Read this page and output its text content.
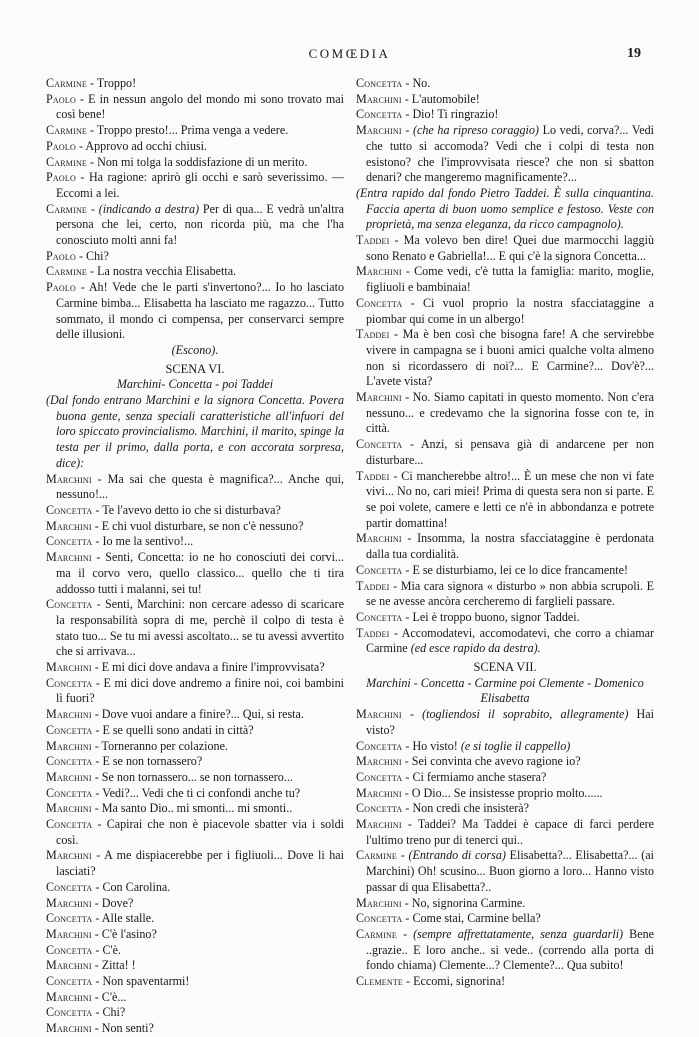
COMŒDIA	19
Carmine - Troppo!
Paolo - E in nessun angolo del mondo mi sono trovato mai così bene!
Carmine - Troppo presto!... Prima venga a vedere.
Paolo - Approvo ad occhi chiusi.
Carmine - Non mi tolga la soddisfazione di un merito.
Paolo - Ha ragione: aprirò gli occhi e sarò severissimo. — Eccomi a lei.
Carmine - (indicando a destra) Per di qua... E vedrà un'altra persona che lei, certo, non ricorda più, ma che l'ha conosciuto molti anni fa!
Paolo - Chi?
Carmine - La nostra vecchia Elisabetta.
Paolo - Ah! Vede che le parti s'invertono?... Io ho lasciato Carmine bimba... Elisabetta ha lasciato me ragazzo... Tutto sommato, il mondo ci compensa, per conservarci sempre delle illusioni.
(Escono).
SCENA VI.
Marchini- Concetta - poi Taddei
(Dal fondo entrano Marchini e la signora Concetta. Povera buona gente, senza speciali caratteristiche all'infuori del loro spiccato provincialismo. Marchini, il marito, spinge la testa per il primo, dalla porta, e con accorata sorpresa, dice):
Marchini - Ma sai che questa è magnifica?... Anche qui, nessuno!...
Concetta - Te l'avevo detto io che si disturbava?
Marchini - E chi vuol disturbare, se non c'è nessuno?
Concetta - Io me la sentivo!...
Marchini - Senti, Concetta: io ne ho conosciuti dei corvi... ma il corvo vero, quello classico... quello che ti tira addosso tutti i malanni, sei tu!
Concetta - Senti, Marchini: non cercare adesso di scaricare la responsabilità sopra di me, perchè il colpo di testa è stato tuo... Se tu mi avessi ascoltato... se tu avessi avvertito che si arrivava...
Marchini - E mi dici dove andava a finire l'improvvisata?
Concetta - E mi dici dove andremo a finire noi, coi bambini lì fuori?
Marchini - Dove vuoi andare a finire?... Qui, si resta.
Concetta - E se quelli sono andati in città?
Marchini - Torneranno per colazione.
Concetta - E se non tornassero?
Marchini - Se non tornassero... se non tornassero...
Concetta - Vedi?... Vedi che ti ci confondi anche tu?
Marchini - Ma santo Dio.. mi smonti... mi smonti..
Concetta - Capirai che non è piacevole sbatter via i soldi così.
Marchini - A me dispiacerebbe per i figliuoli... Dove li hai lasciati?
Concetta - Con Carolina.
Marchini - Dove?
Concetta - Alle stalle.
Marchini - C'è l'asino?
Concetta - C'è.
Marchini - Zitta! !
Concetta - Non spaventarmi!
Marchini - C'è...
Concetta - Chi?
Marchini - Non senti?
Concetta - No.
Marchini - L'automobile!
Concetta - Dio! Ti ringrazio!
Marchini - (che ha ripreso coraggio) Lo vedi, corva?... Vedi che tutto si accomoda? Vedi che i colpi di testa non esistono? che l'improvvisata riesce? che non si sbatton denari? che mangeremo magnificamente?...
(Entra rapido dal fondo Pietro Taddei. È sulla cinquantina. Faccia aperta di buon uomo semplice e festoso. Veste con proprietà, ma senza eleganza, da ricco campagnolo).
Taddei - Ma volevo ben dire! Quei due marmocchi laggiù sono Renato e Gabriella!... E qui c'è la signora Concetta...
Marchini - Come vedi, c'è tutta la famiglia: marito, moglie, figliuoli e bambinaia!
Concetta - Ci vuol proprio la nostra sfacciataggine a piombar qui come in un albergo!
Taddei - Ma è ben così che bisogna fare! A che servirebbe vivere in campagna se i buoni amici qualche volta almeno non si ricordassero di noi?... E Carmine?... Dov'è?... L'avete vista?
Marchini - No. Siamo capitati in questo momento. Non c'era nessuno... e credevamo che la signorina fosse con te, in città.
Concetta - Anzi, si pensava già di andarcene per non disturbare...
Taddei - Ci mancherebbe altro!... È un mese che non vi fate vivi... No no, cari miei! Prima di questa sera non si parte. E se poi volete, camere e letti ce n'è in abbondanza e potrete partir domattina!
Marchini - Insomma, la nostra sfacciataggine è perdonata dalla tua cordialità.
Concetta - E se disturbiamo, lei ce lo dice francamente!
Taddei - Mia cara signora « disturbo » non abbia scrupoli. E se ne avesse ancòra cercheremo di farglieli passare.
Concetta - Lei è troppo buono, signor Taddei.
Taddei - Accomodatevi, accomodatevi, che corro a chiamar Carmine (ed esce rapido da destra).
SCENA VII.
Marchini - Concetta - Carmine poi Clemente - Domenico Elisabetta
Marchini - (togliendosi il soprabito, allegramente) Hai visto?
Concetta - Ho visto! (e si toglie il cappello)
Marchini - Sei convinta che avevo ragione io?
Concetta - Ci fermiamo anche stasera?
Marchini - O Dio... Se insistesse proprio molto......
Concetta - Non credi che insisterà?
Marchini - Taddei? Ma Taddei è capace di farci perdere l'ultimo treno pur di tenerci qui..
Carmine - (Entrando di corsa) Elisabetta?... Elisabetta?... (ai Marchini) Oh! scusino... Buon giorno a loro... Hanno visto passar di qua Elisabetta?..
Marchini - No, signorina Carmine.
Concetta - Come stai, Carmine bella?
Carmine - (sempre affrettatamente, senza guardarli) Bene ..grazie.. E loro anche.. si vede.. (correndo alla porta di fondo chiama) Clemente...? Clemente?... Qua subito!
Clemente - Eccomi, signorina!
